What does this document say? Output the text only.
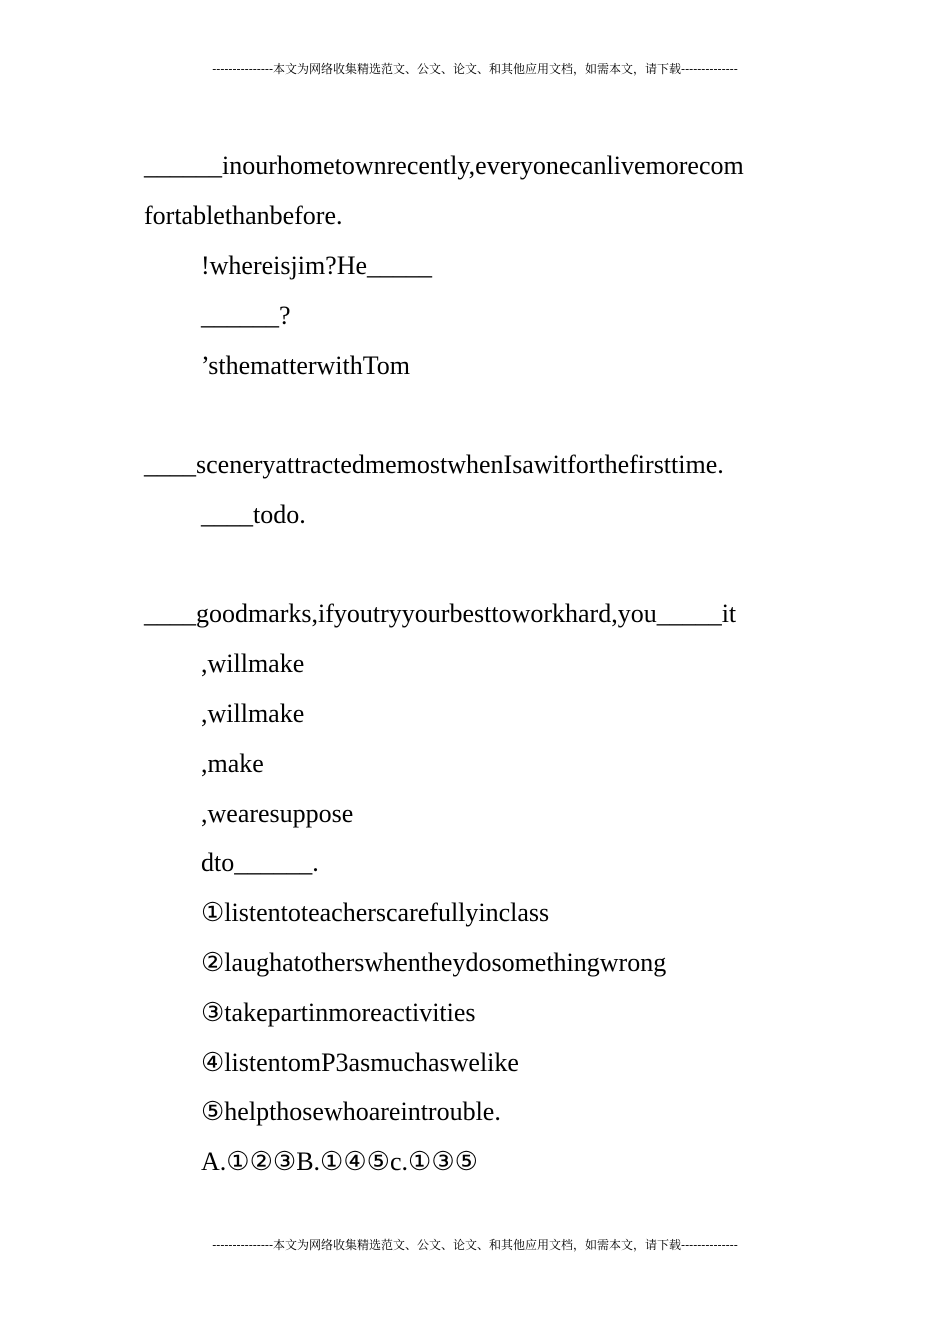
---------------本文为网络收集精选范文、公文、论文、和其他应用文档，如需本文，请下载--------------
______inourhometownrecently,everyonecanlivemorecom
fortablethanbefore.
!whereisjim?He_____
______?
’sthematterwithTom
____sceneryattractedmemostwhenIsawitforthefirsttime.
____todo.
____goodmarks,ifyoutryyourbesttoworkhard,you_____it
,willmake
,willmake
,make
,wearesuppose
dto______.
①listentoteacherscarefullyinclass
②laughatotherswhentheydosomethingwrong
③takepartinmoreactivities
④listentomP3asmuchaswelike
⑤helpthosewhoareintrouble.
A.①②③B.①④⑤c.①③⑤
---------------本文为网络收集精选范文、公文、论文、和其他应用文档，如需本文，请下载--------------
